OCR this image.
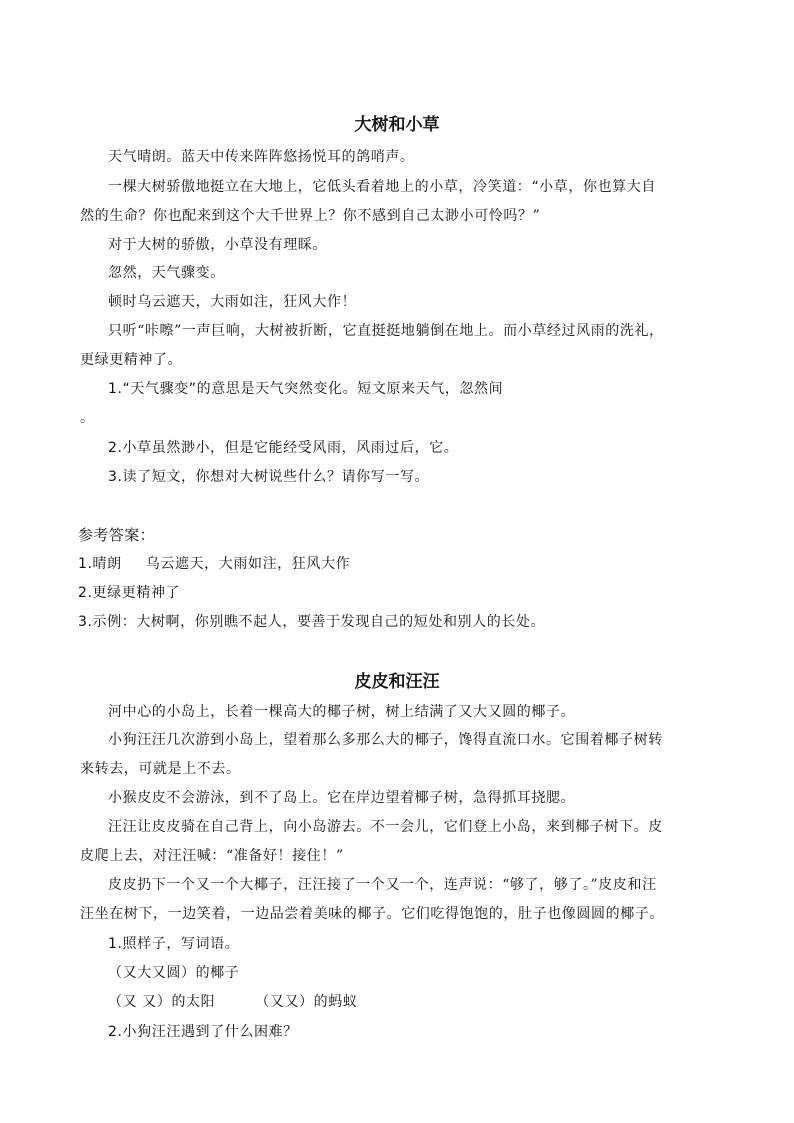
大树和小草
天气晴朗。蓝天中传来阵阵悠扬悦耳的鸽哨声。
一棵大树骄傲地挺立在大地上，它低头看着地上的小草，冷笑道：“小草，你也算大自
然的生命？你也配来到这个大千世界上？你不感到自己太渺小可怜吗？”
对于大树的骄傲，小草没有理睬。
忽然，天气骤变。
顿时乌云遮天，大雨如注，狂风大作！
只听“咔嚓”一声巨响，大树被折断，它直挺挺地躺倒在地上。而小草经过风雨的洗礼，
更绿更精神了。
1.“天气骤变”的意思是天气突然变化。短文原来天气，忽然间
。
2.小草虽然渺小，但是它能经受风雨，风雨过后，它。
3.读了短文，你想对大树说些什么？请你写一写。
参考答案：
1.晴朗 乌云遮天，大雨如注，狂风大作
2.更绿更精神了
3.示例：大树啊，你别瞧不起人，要善于发现自己的短处和别人的长处。
皮皮和汪汪
河中心的小岛上，长着一棵高大的椰子树，树上结满了又大又圆的椰子。
小狗汪汪几次游到小岛上，望着那么多那么大的椰子，馋得直流口水。它围着椰子树转
来转去，可就是上不去。
小猴皮皮不会游泳，到不了岛上。它在岸边望着椰子树，急得抓耳挠腮。
汪汪让皮皮骑在自己背上，向小岛游去。不一会儿，它们登上小岛，来到椰子树下。皮
皮爬上去，对汪汪喊：“准备好！接住！”
皮皮扔下一个又一个大椰子，汪汪接了一个又一个，连声说：“够了，够了。”皮皮和汪
汪坐在树下，一边笑着，一边品尝着美味的椰子。它们吃得饱饱的，肚子也像圆圆的椰子。
1.照样子，写词语。
（又大又圆）的椰子
（又 又）的太阳	（又又）的蚂蚁
2.小狗汪汪遇到了什么困难？
